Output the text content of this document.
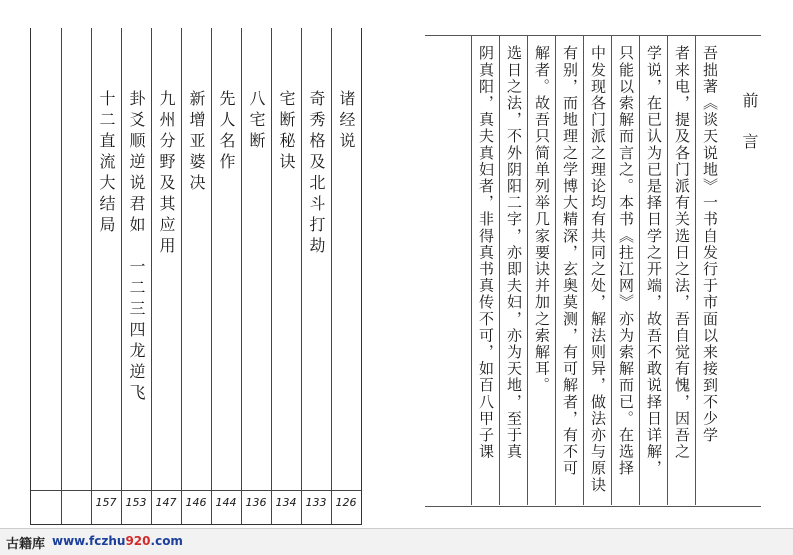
诸经说
126
奇秀格及北斗打劫
133
宅断秘诀
134
八宅断
136
先人名作
144
新增亚婆决
146
九州分野及其应用
147
卦爻顺逆说君如　一二三四龙逆飞
153
十二直流大结局
157
吾拙著《谈天说地》一书自发行于市面以来接到不少学
者来电，提及各门派有关选日之法，吾自觉有愧，因吾之
学说，在已认为已是择日学之开端，故吾不敢说择日详解，
只能以索解而言之。本书《拄江网》亦为索解而已。在选择
中发现各门派之理论均有共同之处，解法则异，做法亦与原诀
有别，而地理之学博大精深，玄奥莫测，有可解者，有不可
解者。故吾只简单列举几家要诀并加之索解耳。
选日之法，不外阴阳二字，亦即夫妇，亦为天地，至于真
阴真阳，真夫真妇者，非得真书真传不可，如百八甲子课	前 言
古籍库 www.fczhu920.com
